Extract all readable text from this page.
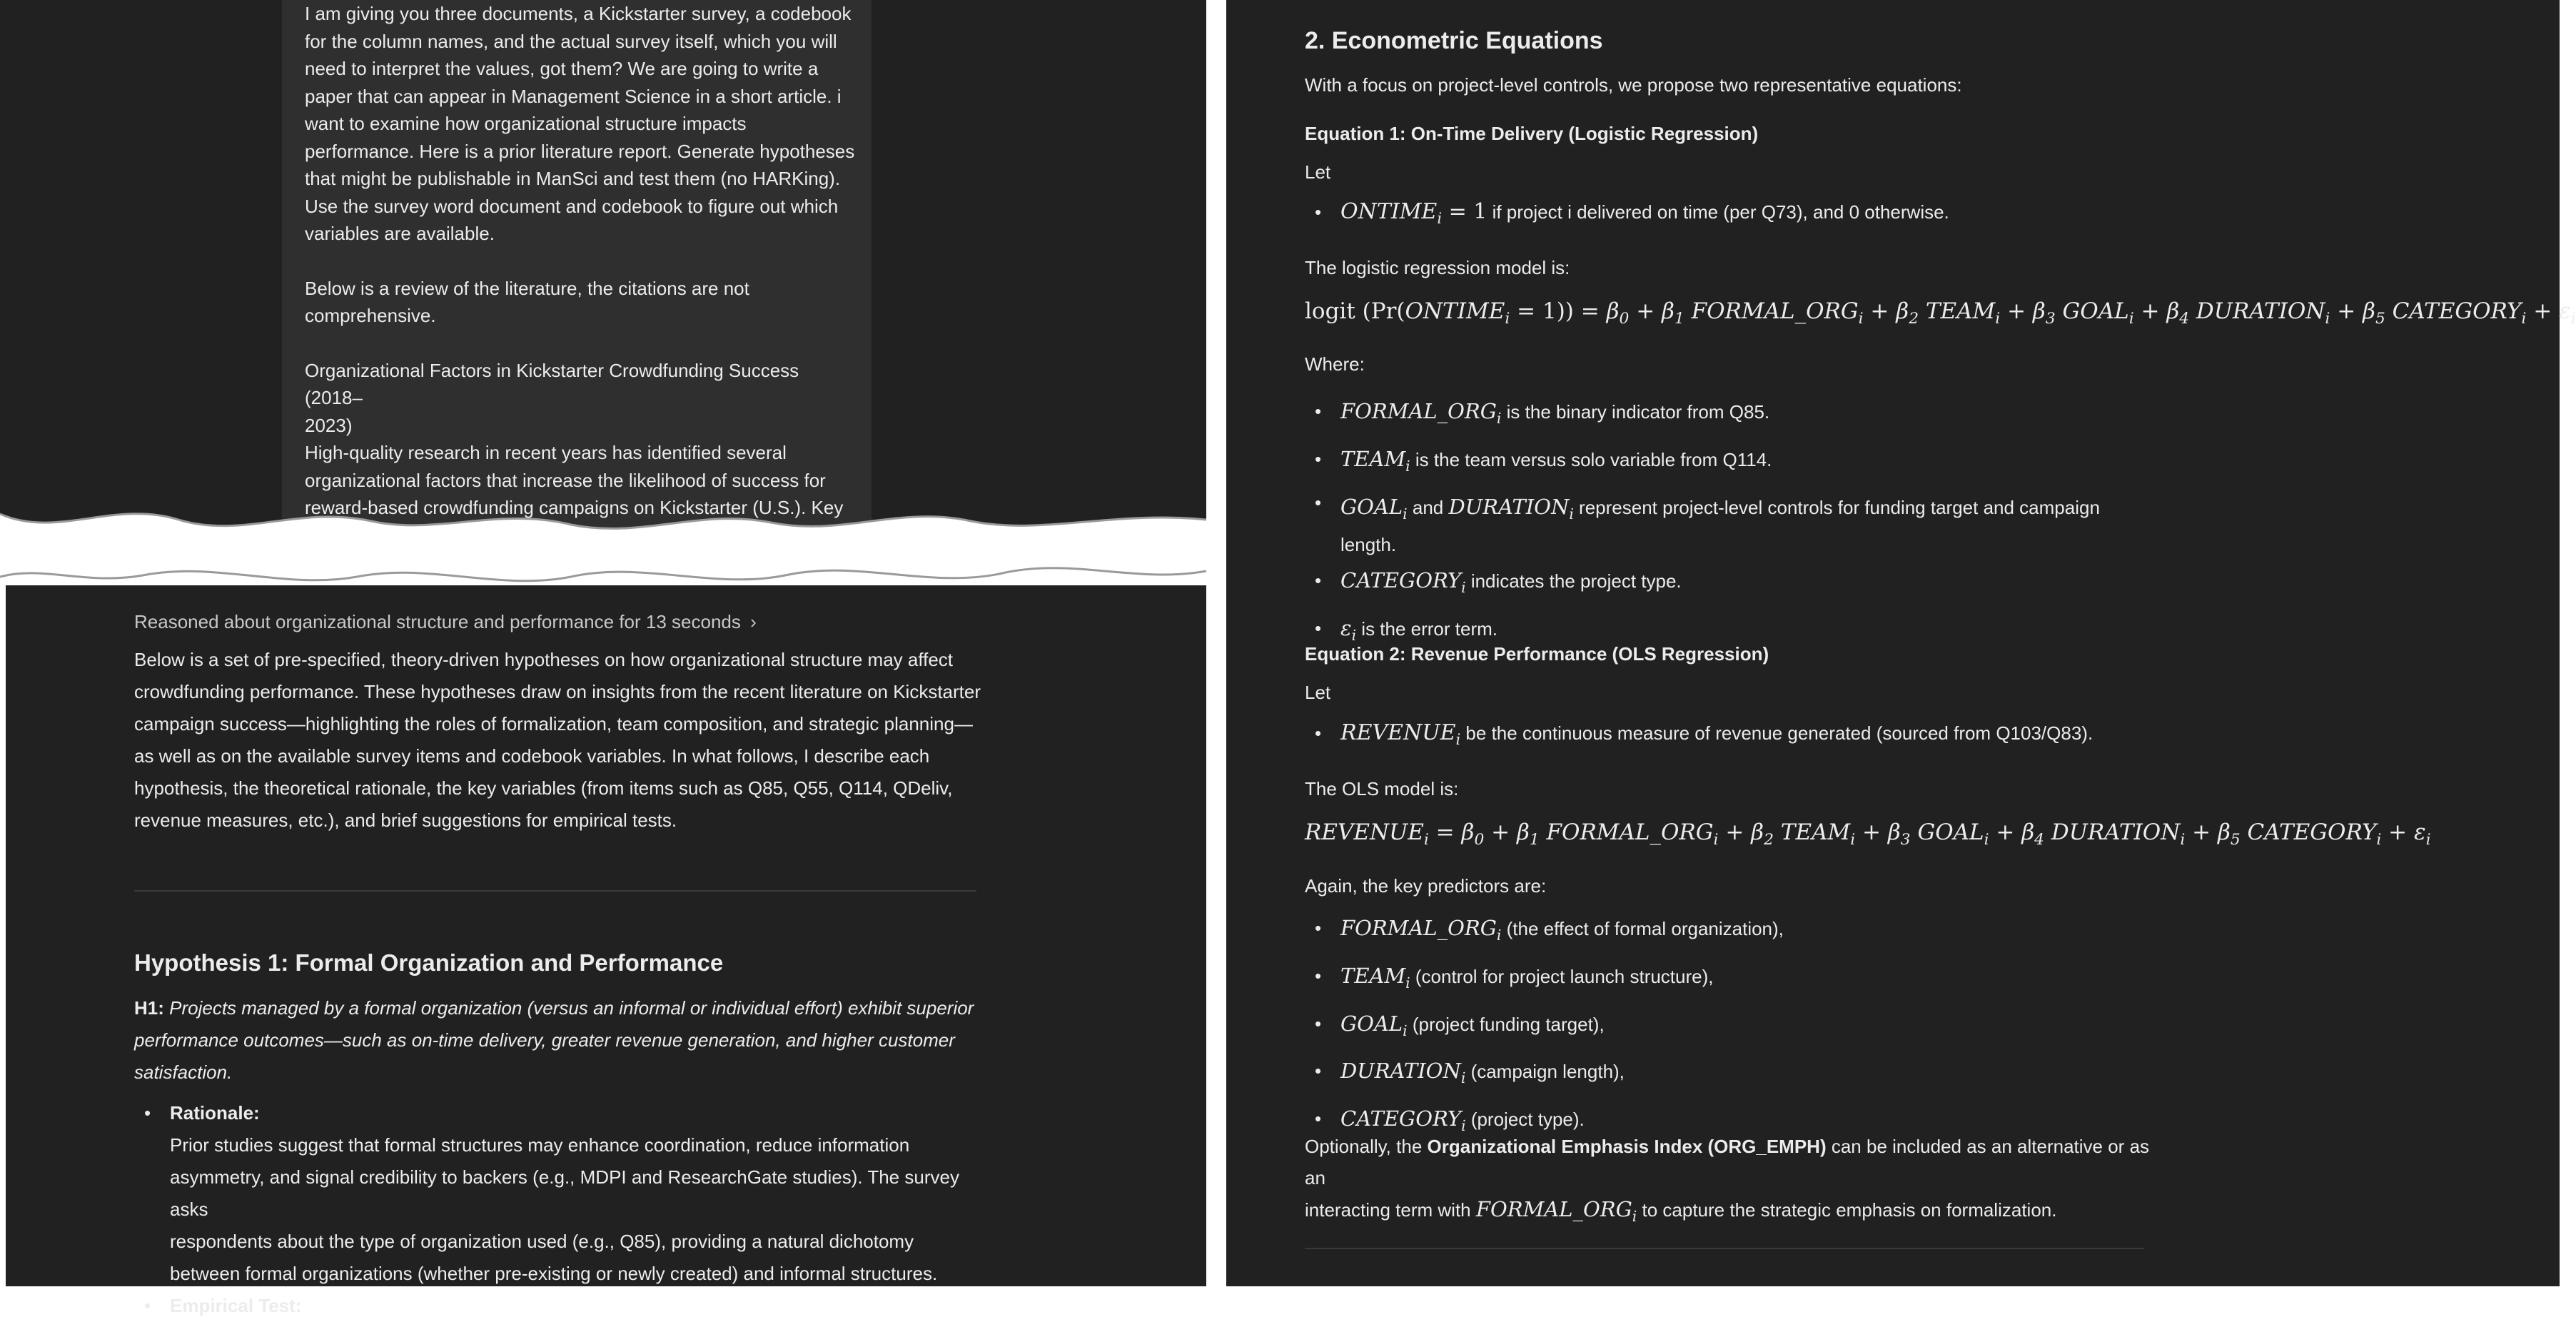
I am giving you three documents, a Kickstarter survey, a codebook
for the column names, and the actual survey itself, which you will
need to interpret the values, got them? We are going to write a
paper that can appear in Management Science in a short article. i
want to examine how organizational structure impacts
performance. Here is a prior literature report. Generate hypotheses
that might be publishable in ManSci and test them (no HARKing).
Use the survey word document and codebook to figure out which
variables are available.
Below is a review of the literature, the citations are not
comprehensive.
Organizational Factors in Kickstarter Crowdfunding Success (2018–
2023)
High-quality research in recent years has identified several
organizational factors that increase the likelihood of success for
reward-based crowdfunding campaigns on Kickstarter (U.S.). Key
Reasoned about organizational structure and performance for 13 seconds ›
Below is a set of pre-specified, theory-driven hypotheses on how organizational structure may affect
crowdfunding performance. These hypotheses draw on insights from the recent literature on Kickstarter
campaign success—highlighting the roles of formalization, team composition, and strategic planning—
as well as on the available survey items and codebook variables. In what follows, I describe each
hypothesis, the theoretical rationale, the key variables (from items such as Q85, Q55, Q114, QDeliv,
revenue measures, etc.), and brief suggestions for empirical tests.
Hypothesis 1: Formal Organization and Performance
H1: Projects managed by a formal organization (versus an informal or individual effort) exhibit superior
performance outcomes—such as on-time delivery, greater revenue generation, and higher customer
satisfaction.
• Rationale:
Prior studies suggest that formal structures may enhance coordination, reduce information
asymmetry, and signal credibility to backers (e.g., MDPI and ResearchGate studies). The survey asks
respondents about the type of organization used (e.g., Q85), providing a natural dichotomy
between formal organizations (whether pre-existing or newly created) and informal structures.
• Empirical Test:
2. Econometric Equations
With a focus on project-level controls, we propose two representative equations:
Equation 1: On-Time Delivery (Logistic Regression)
Let
• $ONTIME_i = 1$ if project i delivered on time (per Q73), and 0 otherwise.
The logistic regression model is:
logit $(Pr(ONTIME_i = 1)) = \beta_0 + \beta_1$ $FORMAL\_ORG_i + \beta_2$ $TEAM_i + \beta_3$ $GOAL_i + \beta_4$ $DURATION_i + \beta_5$ $CATEGORY_i + \varepsilon_i$
Where:
• $FORMAL\_ORG_i$ is the binary indicator from Q85.
• $TEAM_i$ is the team versus solo variable from Q114.
• $GOAL_i$ and $DURATION_i$ represent project-level controls for funding target and campaign
length.
• $CATEGORY_i$ indicates the project type.
• $\varepsilon_i$ is the error term.
Equation 2: Revenue Performance (OLS Regression)
Let
• $REVENUE_i$ be the continuous measure of revenue generated (sourced from Q103/Q83).
The OLS model is:
$REVENUE_i = \beta_0 + \beta_1$ $FORMAL\_ORG_i + \beta_2$ $TEAM_i + \beta_3$ $GOAL_i + \beta_4$ $DURATION_i + \beta_5$ $CATEGORY_i + \varepsilon_i$
Again, the key predictors are:
• $FORMAL\_ORG_i$ (the effect of formal organization),
• $TEAM_i$ (control for project launch structure),
• $GOAL_i$ (project funding target),
• $DURATION_i$ (campaign length),
• $CATEGORY_i$ (project type).
Optionally, the Organizational Emphasis Index (ORG_EMPH) can be included as an alternative or as an
interacting term with $FORMAL\_ORG_i$ to capture the strategic emphasis on formalization.
